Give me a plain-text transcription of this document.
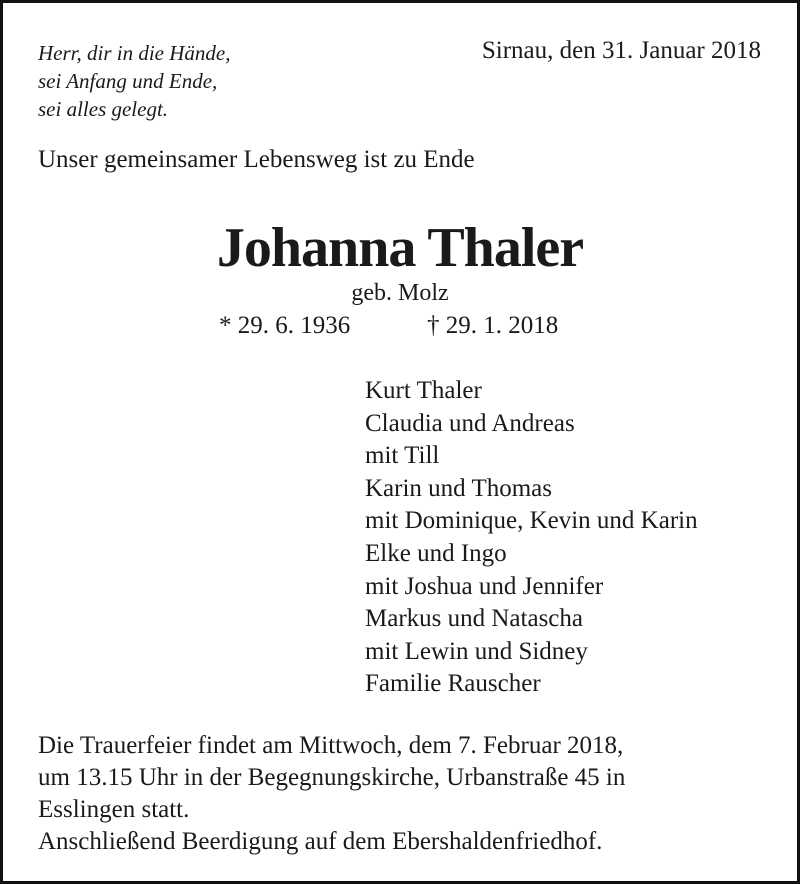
Herr, dir in die Hände,
sei Anfang und Ende,
sei alles gelegt.
Sirnau, den 31. Januar 2018
Unser gemeinsamer Lebensweg ist zu Ende
Johanna Thaler
geb. Molz
* 29. 6. 1936	† 29. 1. 2018
Kurt Thaler
Claudia und Andreas
mit Till
Karin und Thomas
mit Dominique, Kevin und Karin
Elke und Ingo
mit Joshua und Jennifer
Markus und Natascha
mit Lewin und Sidney
Familie Rauscher
Die Trauerfeier findet am Mittwoch, dem 7. Februar 2018,
um 13.15 Uhr in der Begegnungskirche, Urbanstraße 45 in
Esslingen statt.
Anschließend Beerdigung auf dem Ebershaldenfriedhof.
